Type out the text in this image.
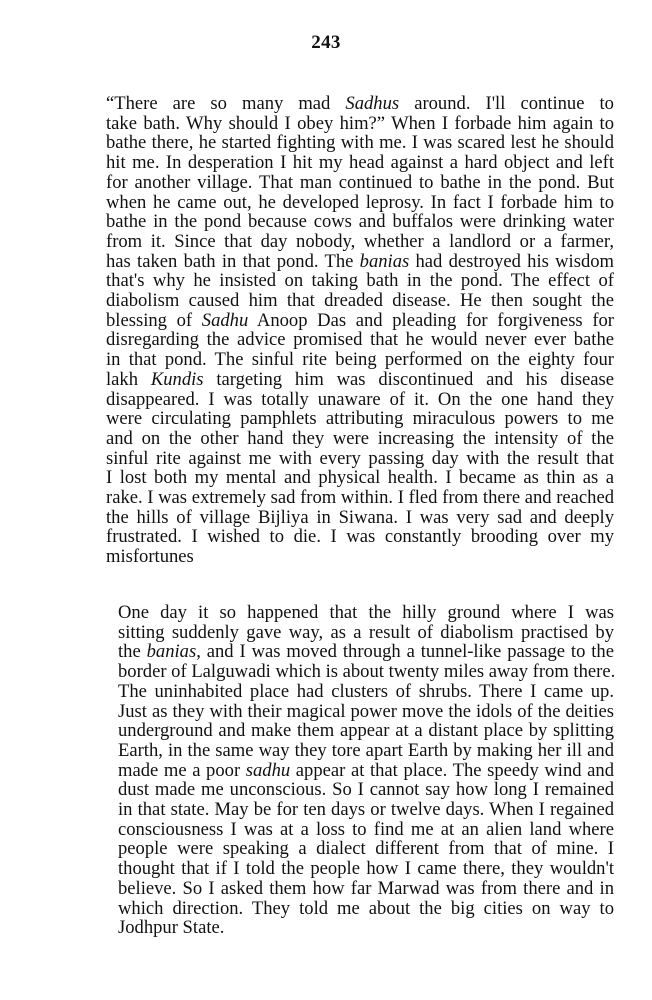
243
“There are so many mad Sadhus around. I'll continue to
take bath. Why should I obey him?” When I forbade him again to
bathe there, he started fighting with me. I was scared lest he should
hit me. In desperation I hit my head against a hard object and left
for another village. That man continued to bathe in the pond. But
when he came out, he developed leprosy. In fact I forbade him to
bathe in the pond because cows and buffalos were drinking water
from it. Since that day nobody, whether a landlord or a farmer,
has taken bath in that pond. The banias had destroyed his wisdom
that's why he insisted on taking bath in the pond. The effect of
diabolism caused him that dreaded disease. He then sought the
blessing of Sadhu Anoop Das and pleading for forgiveness for
disregarding the advice promised that he would never ever bathe
in that pond. The sinful rite being performed on the eighty four
lakh Kundis targeting him was discontinued and his disease
disappeared. I was totally unaware of it. On the one hand they
were circulating pamphlets attributing miraculous powers to me
and on the other hand they were increasing the intensity of the
sinful rite against me with every passing day with the result that
I lost both my mental and physical health. I became as thin as a
rake. I was extremely sad from within. I fled from there and reached
the hills of village Bijliya in Siwana. I was very sad and deeply
frustrated. I wished to die. I was constantly brooding over my
misfortunes
One day it so happened that the hilly ground where I was
sitting suddenly gave way, as a result of diabolism practised by
the banias, and I was moved through a tunnel-like passage to the
border of Lalguwadi which is about twenty miles away from there.
The uninhabited place had clusters of shrubs. There I came up.
Just as they with their magical power move the idols of the deities
underground and make them appear at a distant place by splitting
Earth, in the same way they tore apart Earth by making her ill and
made me a poor sadhu appear at that place. The speedy wind and
dust made me unconscious. So I cannot say how long I remained
in that state. May be for ten days or twelve days. When I regained
consciousness I was at a loss to find me at an alien land where
people were speaking a dialect different from that of mine. I
thought that if I told the people how I came there, they wouldn't
believe. So I asked them how far Marwad was from there and in
which direction. They told me about the big cities on way to
Jodhpur State.
